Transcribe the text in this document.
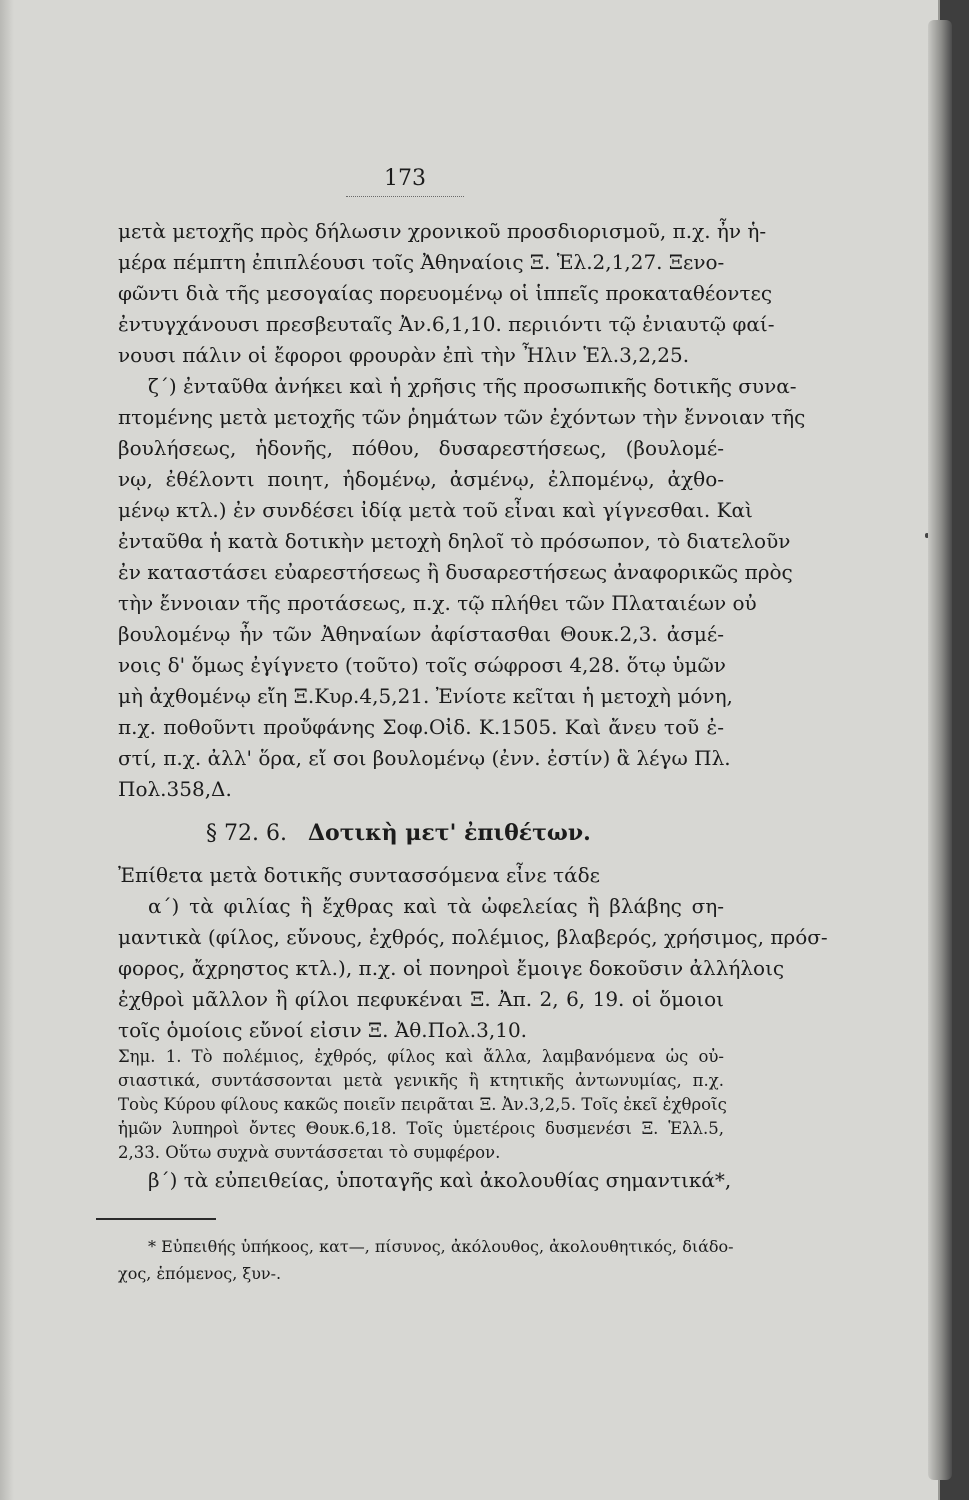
173
μετὰ μετοχῆς πρὸς δήλωσιν χρονικοῦ προσδιορισμοῦ, π.χ. ἦν ἡ-
μέρα πέμπτη ἐπιπλέουσι τοῖς Ἀθηναίοις Ξ. Ἑλ.2,1,27. Ξενο-
φῶντι διὰ τῆς μεσογαίας πορευομένῳ οἱ ἱππεῖς προκαταθέοντες
ἐντυγχάνουσι πρεσβευταῖς Ἀν.6,1,10. περιιόντι τῷ ἐνιαυτῷ φαί-
νουσι πάλιν οἱ ἔφοροι φρουρὰν ἐπὶ τὴν Ἦλιν Ἑλ.3,2,25.
ζ΄) ἐνταῦθα ἀνήκει καὶ ἡ χρῆσις τῆς προσωπικῆς δοτικῆς συνα-
πτομένης μετὰ μετοχῆς τῶν ῥημάτων τῶν ἐχόντων τὴν ἔννοιαν τῆς
βουλήσεως, ἡδονῆς, πόθου, δυσαρεστήσεως, (βουλομέ-
νῳ, ἐθέλοντι ποιητ, ἡδομένῳ, ἀσμένῳ, ἐλπομένῳ, ἀχθο-
μένῳ κτλ.) ἐν συνδέσει ἰδίᾳ μετὰ τοῦ εἶναι καὶ γίγνεσθαι. Καὶ
ἐνταῦθα ἡ κατὰ δοτικὴν μετοχὴ δηλοῖ τὸ πρόσωπον, τὸ διατελοῦν
ἐν καταστάσει εὐαρεστήσεως ἢ δυσαρεστήσεως ἀναφορικῶς πρὸς
τὴν ἔννοιαν τῆς προτάσεως, π.χ. τῷ πλήθει τῶν Πλαταιέων οὐ
βουλομένῳ ἦν τῶν Ἀθηναίων ἀφίστασθαι Θουκ.2,3. ἀσμέ-
νοις δ' ὅμως ἐγίγνετο (τοῦτο) τοῖς σώφροσι 4,28. ὅτῳ ὑμῶν
μὴ ἀχθομένῳ εἴη Ξ.Κυρ.4,5,21. Ἐνίοτε κεῖται ἡ μετοχὴ μόνη,
π.χ. ποθοῦντι προὔφάνης Σοφ.Οἰδ. Κ.1505. Καὶ ἄνευ τοῦ ἐ-
στί, π.χ. ἀλλ' ὅρα, εἴ σοι βουλομένῳ (ἐνν. ἐστίν) ἃ λέγω Πλ.
Πολ.358,Δ.
§ 72. 6. Δοτικὴ μετ' ἐπιθέτων.
Ἐπίθετα μετὰ δοτικῆς συντασσόμενα εἶνε τάδε
α΄) τὰ φιλίας ἢ ἔχθρας καὶ τὰ ὠφελείας ἢ βλάβης ση-
μαντικὰ (φίλος, εὔνους, ἐχθρός, πολέμιος, βλαβερός, χρήσιμος, πρόσ-
φορος, ἄχρηστος κτλ.), π.χ. οἱ πονηροὶ ἔμοιγε δοκοῦσιν ἀλλήλοις
ἐχθροὶ μᾶλλον ἢ φίλοι πεφυκέναι Ξ. Ἀπ. 2, 6, 19. οἱ ὅμοιοι
τοῖς ὁμοίοις εὔνοί εἰσιν Ξ. Ἀθ.Πολ.3,10.
Σημ. 1. Τὸ πολέμιος, ἐχθρός, φίλος καὶ ἄλλα, λαμβανόμενα ὡς οὐ-
σιαστικά, συντάσσονται μετὰ γενικῆς ἢ κτητικῆς ἀντωνυμίας, π.χ.
Τοὺς Κύρου φίλους κακῶς ποιεῖν πειρᾶται Ξ. Ἀν.3,2,5. Τοῖς ἐκεῖ ἐχθροῖς
ἡμῶν λυπηροὶ ὄντες Θουκ.6,18. Τοῖς ὑμετέροις δυσμενέσι Ξ. Ἑλλ.5,
2,33. Οὕτω συχνὰ συντάσσεται τὸ συμφέρον.
β΄) τὰ εὐπειθείας, ὑποταγῆς καὶ ἀκολουθίας σημαντικά*,
* Εὐπειθής ὑπήκοος, κατ—, πίσυνος, ἀκόλουθος, ἀκολουθητικός, διάδο-
χος, ἑπόμενος, ξυν-.
